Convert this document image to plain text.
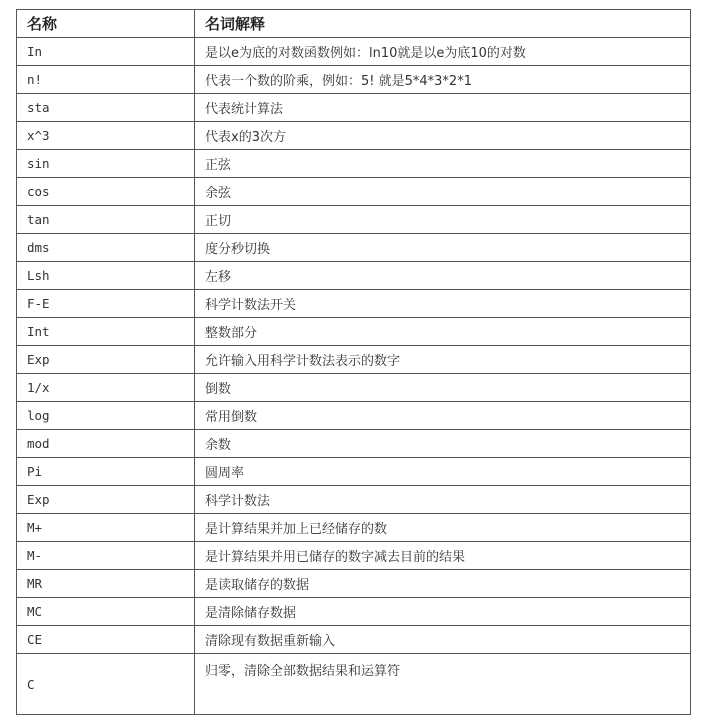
名称	名词解释
In	是以e为底的对数函数例如：ln10就是以e为底10的对数
n!	代表一个数的阶乘，例如：5! 就是5*4*3*2*1
sta	代表统计算法
x^3	代表x的3次方
sin	正弦
cos	余弦
tan	正切
dms	度分秒切换
Lsh	左移
F-E	科学计数法开关
Int	整数部分
Exp	允许输入用科学计数法表示的数字
1/x	倒数
log	常用倒数
mod	余数
Pi	圆周率
Exp	科学计数法
M+	是计算结果并加上已经储存的数
M-	是计算结果并用已储存的数字减去目前的结果
MR	是读取储存的数据
MC	是清除储存数据
CE	清除现有数据重新输入
C	归零，清除全部数据结果和运算符
